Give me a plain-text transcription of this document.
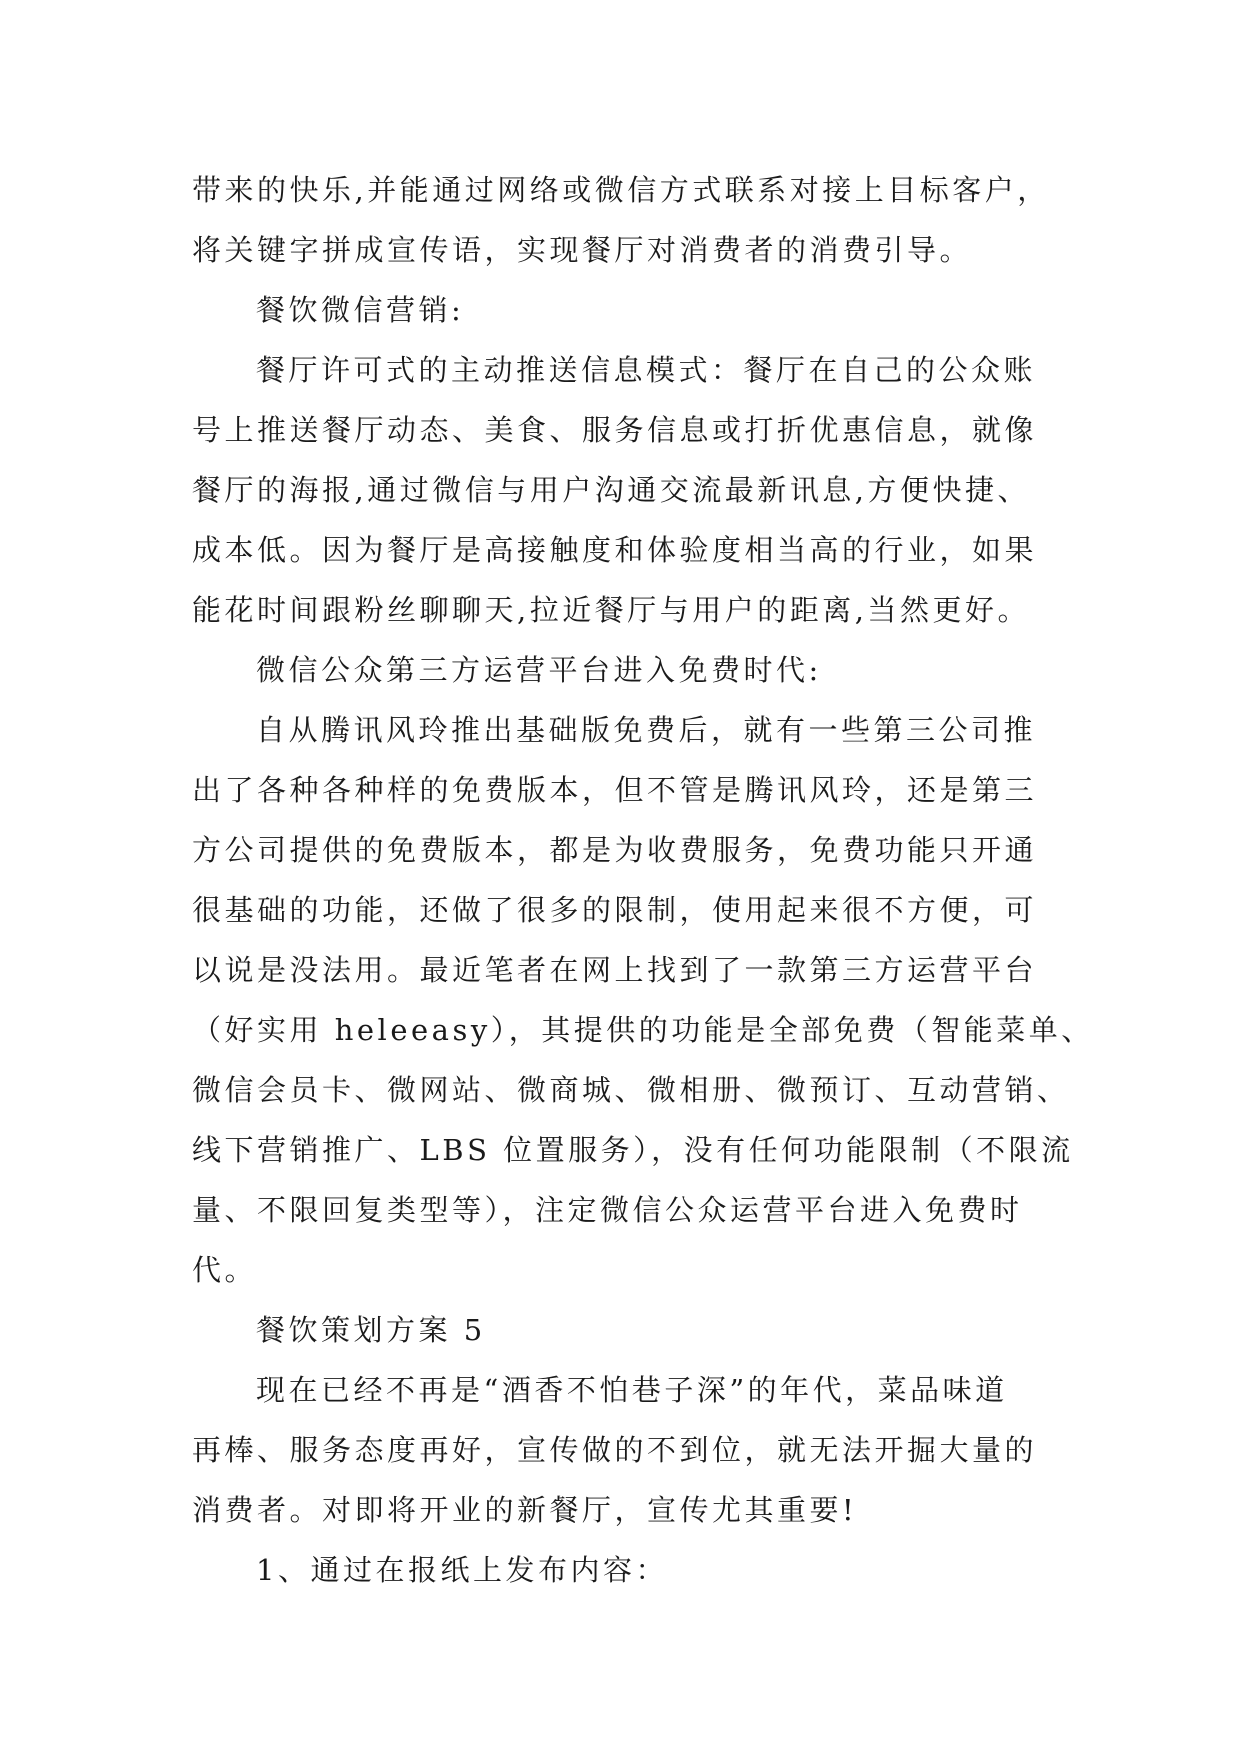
带来的快乐,并能通过网络或微信方式联系对接上目标客户，
将关键字拼成宣传语，实现餐厅对消费者的消费引导。
餐饮微信营销:
餐厅许可式的主动推送信息模式：餐厅在自己的公众账
号上推送餐厅动态、美食、服务信息或打折优惠信息，就像
餐厅的海报,通过微信与用户沟通交流最新讯息,方便快捷、
成本低。因为餐厅是高接触度和体验度相当高的行业，如果
能花时间跟粉丝聊聊天,拉近餐厅与用户的距离,当然更好。
微信公众第三方运营平台进入免费时代:
自从腾讯风玲推出基础版免费后，就有一些第三公司推
出了各种各种样的免费版本，但不管是腾讯风玲，还是第三
方公司提供的免费版本，都是为收费服务，免费功能只开通
很基础的功能，还做了很多的限制，使用起来很不方便，可
以说是没法用。最近笔者在网上找到了一款第三方运营平台
（好实用 heleeasy），其提供的功能是全部免费（智能菜单、
微信会员卡、微网站、微商城、微相册、微预订、互动营销、
线下营销推广、LBS 位置服务），没有任何功能限制（不限流
量、不限回复类型等），注定微信公众运营平台进入免费时
代。
餐饮策划方案 5
现在已经不再是“酒香不怕巷子深”的年代，菜品味道
再棒、服务态度再好，宣传做的不到位，就无法开掘大量的
消费者。对即将开业的新餐厅，宣传尤其重要!
1、通过在报纸上发布内容：
